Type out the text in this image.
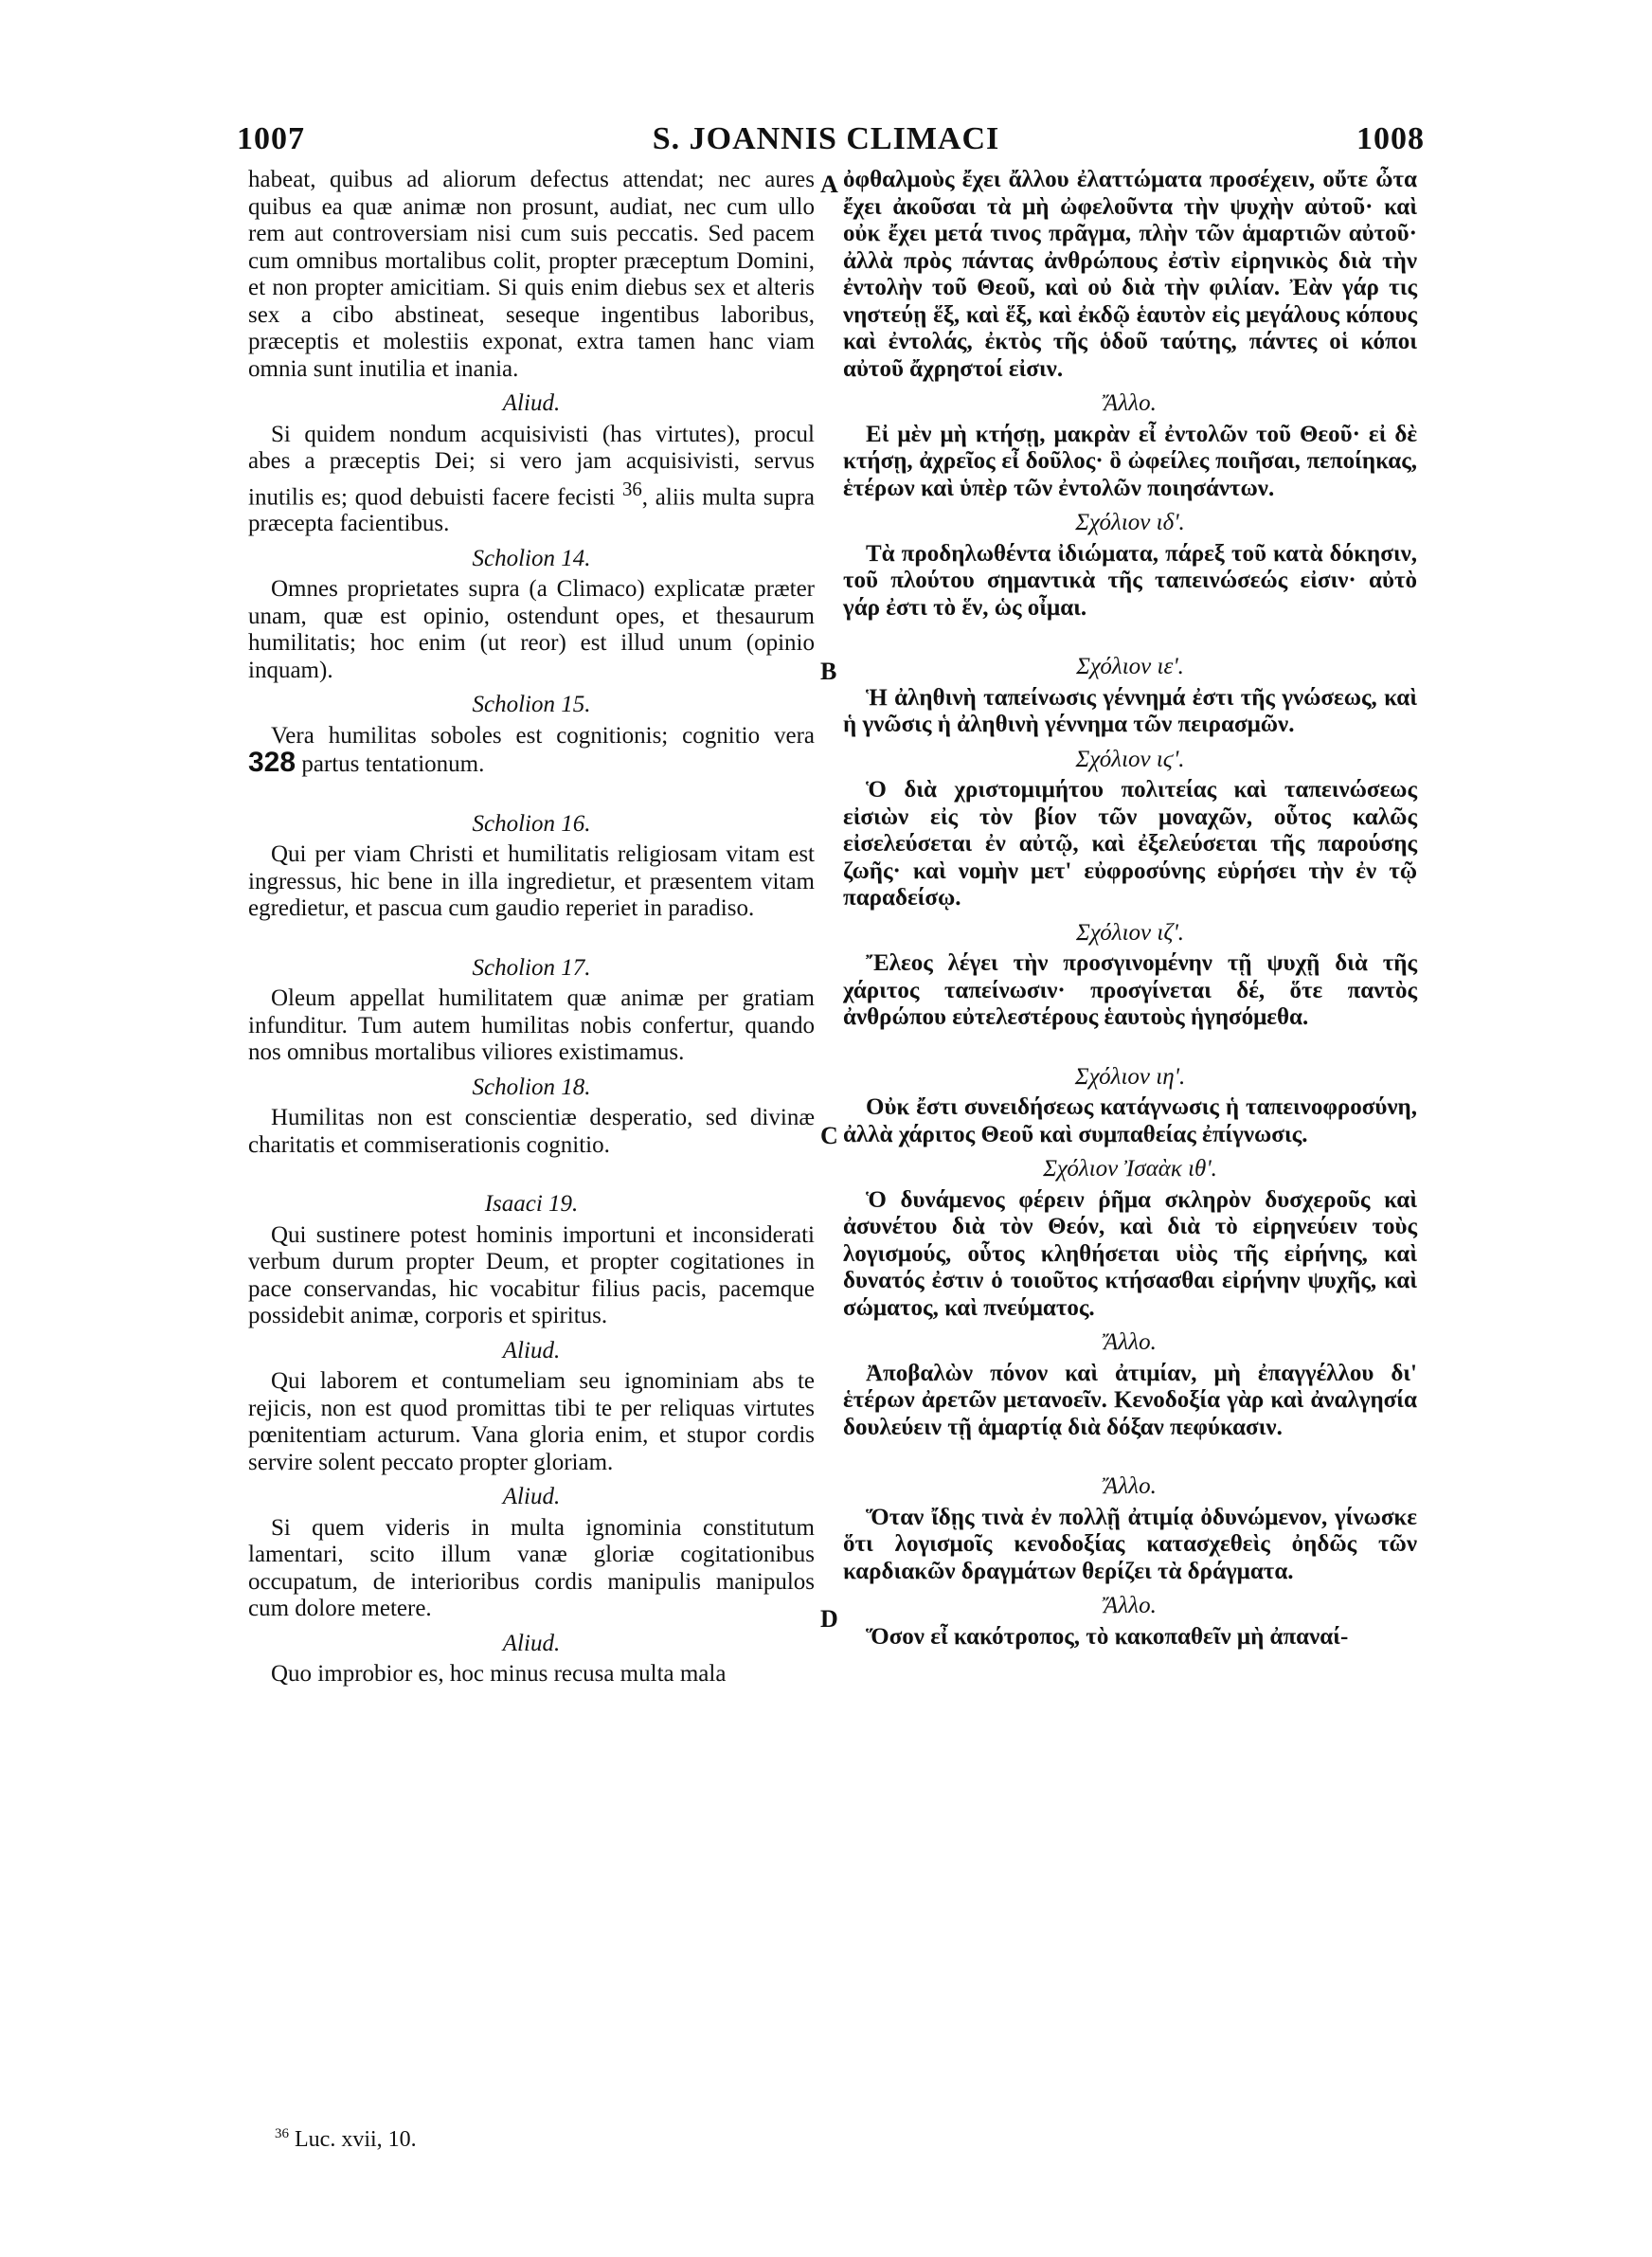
1007	S. JOANNIS CLIMACI	1008
A
B
C
D

habeat, quibus ad aliorum defectus attendat; nec aures quibus ea quæ animæ non prosunt, audiat, nec cum ullo rem aut controversiam nisi cum suis peccatis. Sed pacem cum omnibus mortalibus colit, propter præceptum Domini, et non propter amicitiam. Si quis enim diebus sex et alteris sex a cibo abstineat, seseque ingentibus laboribus, præceptis et molestiis exponat, extra tamen hanc viam omnia sunt inutilia et inania.

Aliud.

Si quidem nondum acquisivisti (has virtutes), procul abes a præceptis Dei; si vero jam acquisivisti, servus inutilis es; quod debuisti facere fecisti $^{36}$, aliis multa supra præcepta facientibus.

Scholion 14.

Omnes proprietates supra (a Climaco) explicatæ præter unam, quæ est opinio, ostendunt opes, et thesaurum humilitatis; hoc enim (ut reor) est illud unum (opinio inquam).

Scholion 15.

Vera humilitas soboles est cognitionis; cognitio vera 328 partus tentationum.

Scholion 16.

Qui per viam Christi et humilitatis religiosam vitam est ingressus, hic bene in illa ingredietur, et præsentem vitam egredietur, et pascua cum gaudio reperiet in paradiso.

Scholion 17.

Oleum appellat humilitatem quæ animæ per gratiam infunditur. Tum autem humilitas nobis confertur, quando nos omnibus mortalibus viliores existimamus.

Scholion 18.

Humilitas non est conscientiæ desperatio, sed divinæ charitatis et commiserationis cognitio.

Isaaci 19.

Qui sustinere potest hominis importuni et inconsiderati verbum durum propter Deum, et propter cogitationes in pace conservandas, hic vocabitur filius pacis, pacemque possidebit animæ, corporis et spiritus.

Aliud.

Qui laborem et contumeliam seu ignominiam abs te rejicis, non est quod promittas tibi te per reliquas virtutes pœnitentiam acturum. Vana gloria enim, et stupor cordis servire solent peccato propter gloriam.

Aliud.

Si quem videris in multa ignominia constitutum lamentari, scito illum vanæ gloriæ cogitationibus occupatum, de interioribus cordis manipulis manipulos cum dolore metere.

Aliud.

Quo improbior es, hoc minus recusa multa mala

ὀφθαλμοὺς ἔχει ἄλλου ἐλαττώματα προσέχειν, οὔτε ὦτα ἔχει ἀκοῦσαι τὰ μὴ ὠφελοῦντα τὴν ψυχὴν αὐτοῦ· καὶ οὐκ ἔχει μετά τινος πρᾶγμα, πλὴν τῶν ἁμαρτιῶν αὐτοῦ· ἀλλὰ πρὸς πάντας ἀνθρώπους ἐστὶν εἰρηνικὸς διὰ τὴν ἐντολὴν τοῦ Θεοῦ, καὶ οὐ διὰ τὴν φιλίαν. Ἐὰν γάρ τις νηστεύῃ ἕξ, καὶ ἕξ, καὶ ἐκδῷ ἑαυτὸν εἰς μεγάλους κόπους καὶ ἐντολάς, ἐκτὸς τῆς ὁδοῦ ταύτης, πάντες οἱ κόποι αὐτοῦ ἄχρηστοί εἰσιν.

Ἄλλο.

Εἰ μὲν μὴ κτήσῃ, μακρὰν εἶ ἐντολῶν τοῦ Θεοῦ· εἰ δὲ κτήσῃ, ἀχρεῖος εἶ δοῦλος· ὃ ὠφείλες ποιῆσαι, πεποίηκας, ἑτέρων καὶ ὑπὲρ τῶν ἐντολῶν ποιησάντων.

Σχόλιον ιδ'.

Τὰ προδηλωθέντα ἰδιώματα, πάρεξ τοῦ κατὰ δόκησιν, τοῦ πλούτου σημαντικὰ τῆς ταπεινώσεώς εἰσιν· αὐτὸ γάρ ἐστι τὸ ἕν, ὡς οἶμαι.

Σχόλιον ιε'.

Ἡ ἀληθινὴ ταπείνωσις γέννημά ἐστι τῆς γνώσεως, καὶ ἡ γνῶσις ἡ ἀληθινὴ γέννημα τῶν πειρασμῶν.

Σχόλιον ιϛ'.

Ὁ διὰ χριστομιμήτου πολιτείας καὶ ταπεινώσεως εἰσιὼν εἰς τὸν βίον τῶν μοναχῶν, οὗτος καλῶς εἰσελεύσεται ἐν αὐτῷ, καὶ ἐξελεύσεται τῆς παρούσης ζωῆς· καὶ νομὴν μετ' εὐφροσύνης εὑρήσει τὴν ἐν τῷ παραδείσῳ.

Σχόλιον ιζ'.

Ἔλεος λέγει τὴν προσγινομένην τῇ ψυχῇ διὰ τῆς χάριτος ταπείνωσιν· προσγίνεται δέ, ὅτε παντὸς ἀνθρώπου εὐτελεστέρους ἑαυτοὺς ἡγησόμεθα.

Σχόλιον ιη'.

Οὐκ ἔστι συνειδήσεως κατάγνωσις ἡ ταπεινοφροσύνη, ἀλλὰ χάριτος Θεοῦ καὶ συμπαθείας ἐπίγνωσις.

Σχόλιον Ἰσαὰκ ιθ'.

Ὁ δυνάμενος φέρειν ῥῆμα σκληρὸν δυσχεροῦς καὶ ἀσυνέτου διὰ τὸν Θεόν, καὶ διὰ τὸ εἰρηνεύειν τοὺς λογισμούς, οὗτος κληθήσεται υἱὸς τῆς εἰρήνης, καὶ δυνατός ἐστιν ὁ τοιοῦτος κτήσασθαι εἰρήνην ψυχῆς, καὶ σώματος, καὶ πνεύματος.

Ἄλλο.

Ἀποβαλὼν πόνον καὶ ἀτιμίαν, μὴ ἐπαγγέλλου δι' ἑτέρων ἀρετῶν μετανοεῖν. Κενοδοξία γὰρ καὶ ἀναλγησία δουλεύειν τῇ ἁμαρτίᾳ διὰ δόξαν πεφύκασιν.

Ἄλλο.

Ὅταν ἴδῃς τινὰ ἐν πολλῇ ἀτιμίᾳ ὀδυνώμενον, γίνωσκε ὅτι λογισμοῖς κενοδοξίας κατασχεθεὶς ὀηδῶς τῶν καρδιακῶν δραγμάτων θερίζει τὰ δράγματα.

Ἄλλο.

Ὅσον εἶ κακότροπος, τὸ κακοπαθεῖν μὴ ἀπαναί-

$^{36}$ Luc. xvii, 10.
